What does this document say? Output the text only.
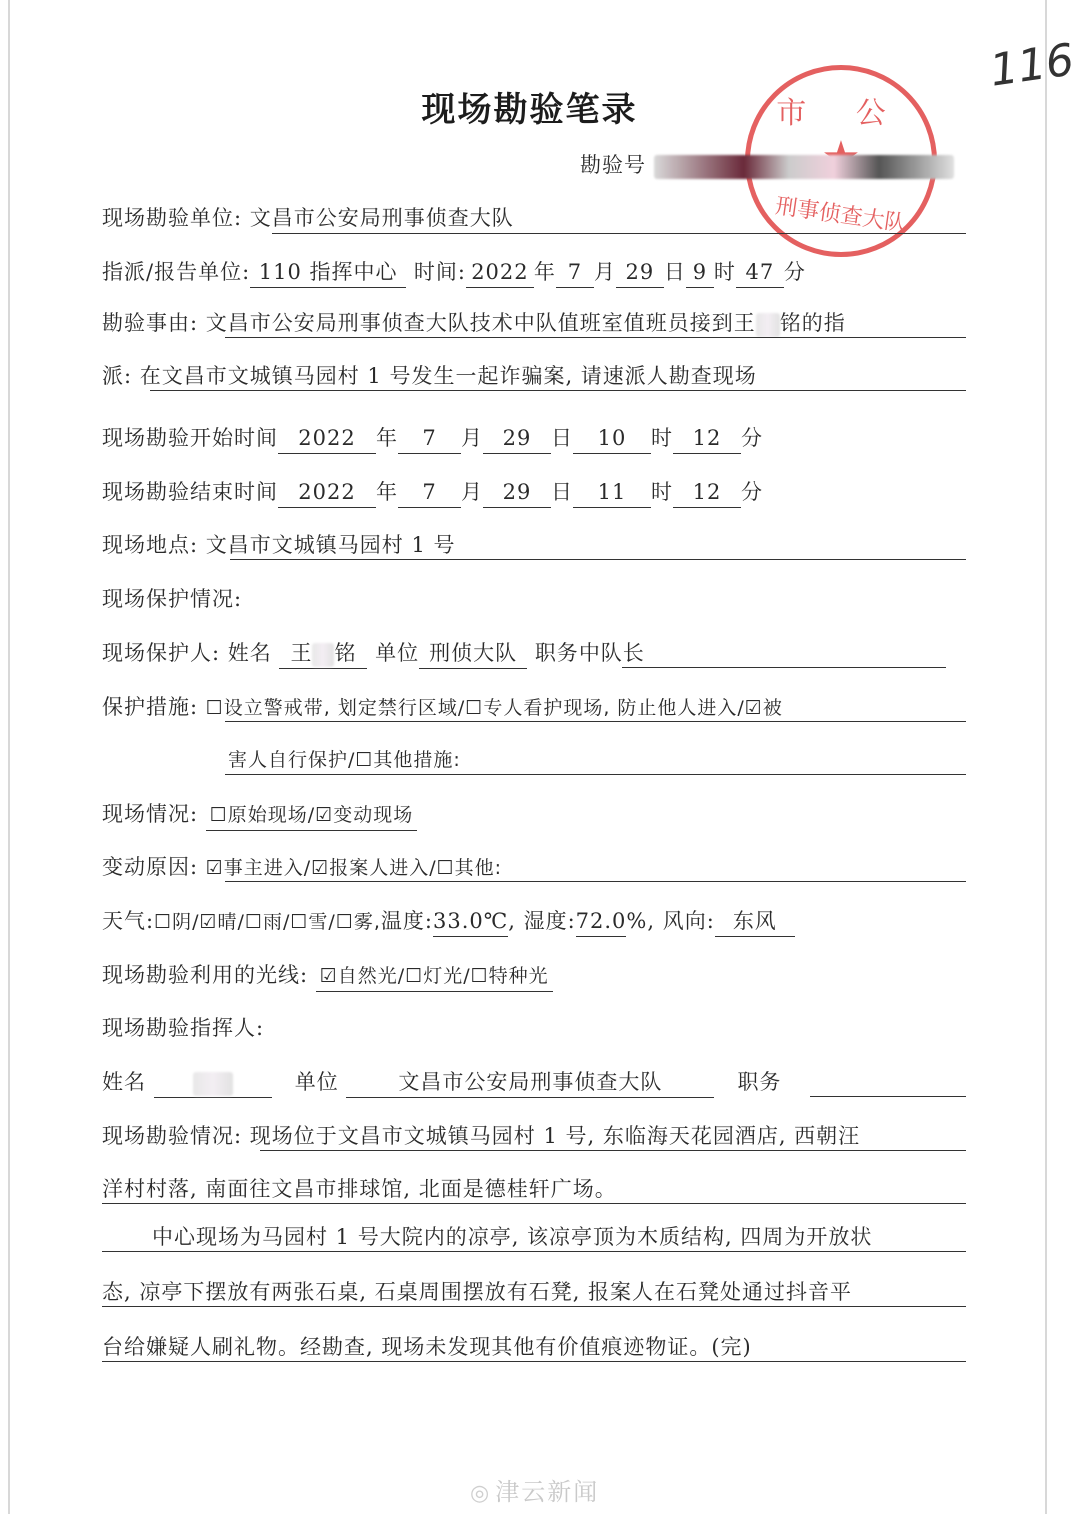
116
市 公
刑事侦查大队
现场勘验笔录
勘验号
现场勘验单位: 文昌市公安局刑事侦查大队
指派/报告单位: 110 指挥中心 时间: 2022 年 7 月 29 日 9 时 47 分
勘验事由: 文昌市公安局刑事侦查大队技术中队值班室值班员接到王 铭的指
派: 在文昌市文城镇马园村 1 号发生一起诈骗案, 请速派人勘查现场
现场勘验开始时间 2022 年 7 月 29 日 10 时 12 分
现场勘验结束时间 2022 年 7 月 29 日 11 时 12 分
现场地点: 文昌市文城镇马园村 1 号
现场保护情况:
现场保护人: 姓名 王 铭 单位 刑侦大队 职务中队长
保护措施: ☐设立警戒带, 划定禁行区域/☐专人看护现场, 防止他人进入/☑被
害人自行保护/☐其他措施:
现场情况: ☐原始现场/☑变动现场
变动原因: ☑事主进入/☑报案人进入/☐其他:
天气:☐阴/☑晴/☐雨/☐雪/☐雾,温度:33.0℃, 湿度:72.0%, 风向: 东风
现场勘验利用的光线: ☑自然光/☐灯光/☐特种光
现场勘验指挥人:
姓名	单位	文昌市公安局刑事侦查大队	职务
现场勘验情况: 现场位于文昌市文城镇马园村 1 号, 东临海天花园酒店, 西朝汪
洋村村落, 南面往文昌市排球馆, 北面是德桂轩广场。
中心现场为马园村 1 号大院内的凉亭, 该凉亭顶为木质结构, 四周为开放状
态, 凉亭下摆放有两张石桌, 石桌周围摆放有石凳, 报案人在石凳处通过抖音平
台给嫌疑人刷礼物。经勘查, 现场未发现其他有价值痕迹物证。(完)
◎ 津云新闻
